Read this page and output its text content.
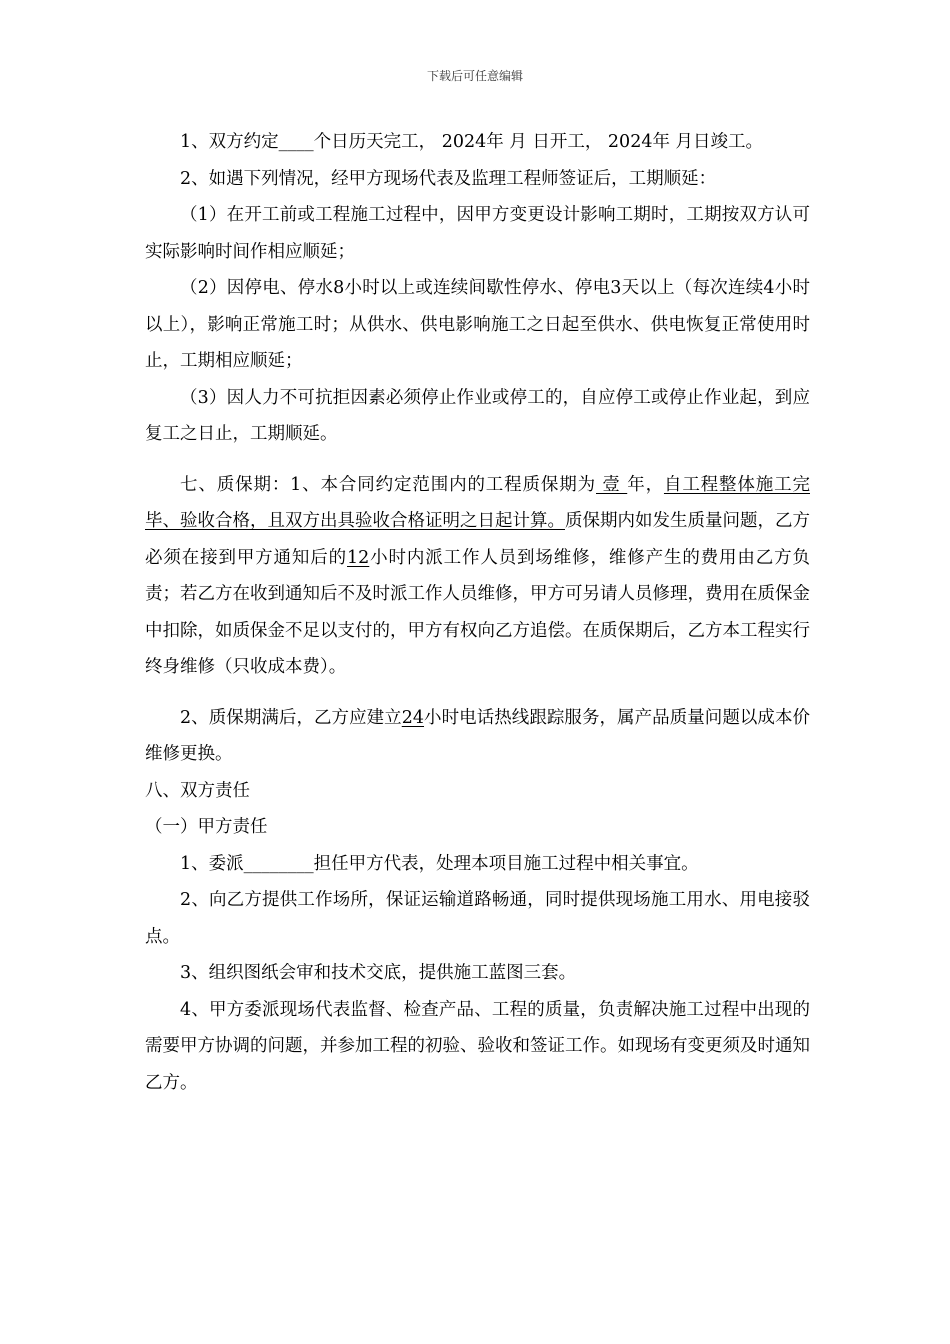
下载后可任意编辑

1、双方约定____个日历天完工， 2024年 月 日开工， 2024年 月日竣工。

2、如遇下列情况，经甲方现场代表及监理工程师签证后，工期顺延：

（1）在开工前或工程施工过程中，因甲方变更设计影响工期时，工期按双方认可实际影响时间作相应顺延；

（2）因停电、停水8小时以上或连续间歇性停水、停电3天以上（每次连续4小时以上），影响正常施工时；从供水、供电影响施工之日起至供水、供电恢复正常使用时止，工期相应顺延；

（3）因人力不可抗拒因素必须停止作业或停工的，自应停工或停止作业起，到应复工之日止，工期顺延。

七、质保期：1、本合同约定范围内的工程质保期为 壹 年，自工程整体施工完毕、验收合格，且双方出具验收合格证明之日起计算。质保期内如发生质量问题，乙方必须在接到甲方通知后的12小时内派工作人员到场维修，维修产生的费用由乙方负责；若乙方在收到通知后不及时派工作人员维修，甲方可另请人员修理，费用在质保金中扣除，如质保金不足以支付的，甲方有权向乙方追偿。在质保期后，乙方本工程实行终身维修（只收成本费）。

2、质保期满后，乙方应建立24小时电话热线跟踪服务，属产品质量问题以成本价维修更换。

八、双方责任

（一）甲方责任

1、委派________担任甲方代表，处理本项目施工过程中相关事宜。

2、向乙方提供工作场所，保证运输道路畅通，同时提供现场施工用水、用电接驳点。

3、组织图纸会审和技术交底，提供施工蓝图三套。

4、甲方委派现场代表监督、检查产品、工程的质量，负责解决施工过程中出现的需要甲方协调的问题，并参加工程的初验、验收和签证工作。如现场有变更须及时通知乙方。
